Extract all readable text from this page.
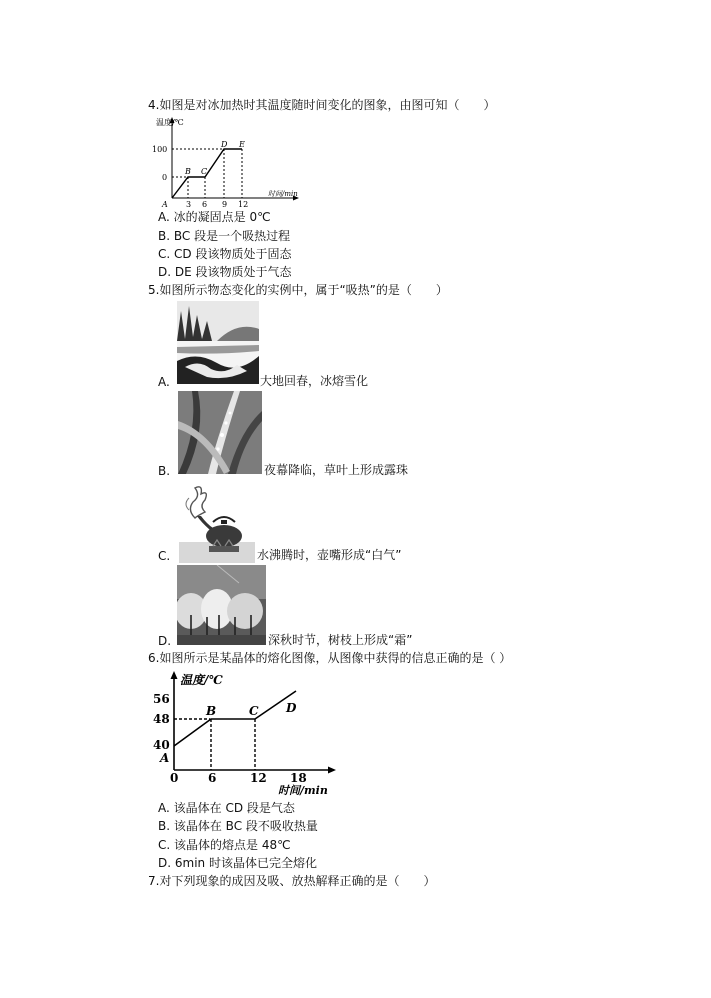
4.如图是对冰加热时其温度随时间变化的图象，由图可知（　　）
温度/℃
时间/min
100
0
A 3 6 9 12
B C
D E
A. 冰的凝固点是 0℃
B. BC 段是一个吸热过程
C. CD 段该物质处于固态
D. DE 段该物质处于气态
5.如图所示物态变化的实例中，属于“吸热”的是（　　）
A.	大地回春，冰熔雪化
B.	夜幕降临，草叶上形成露珠
C.	水沸腾时，壶嘴形成“白气”
D.	深秋时节，树枝上形成“霜”
6.如图所示是某晶体的熔化图像，从图像中获得的信息正确的是（ ）
温度/℃
时间/min
56
48
40
A
0 6	12 18
B	C D
A. 该晶体在 CD 段是气态
B. 该晶体在 BC 段不吸收热量
C. 该晶体的熔点是 48℃
D. 6min 时该晶体已完全熔化
7.对下列现象的成因及吸、放热解释正确的是（　　）
